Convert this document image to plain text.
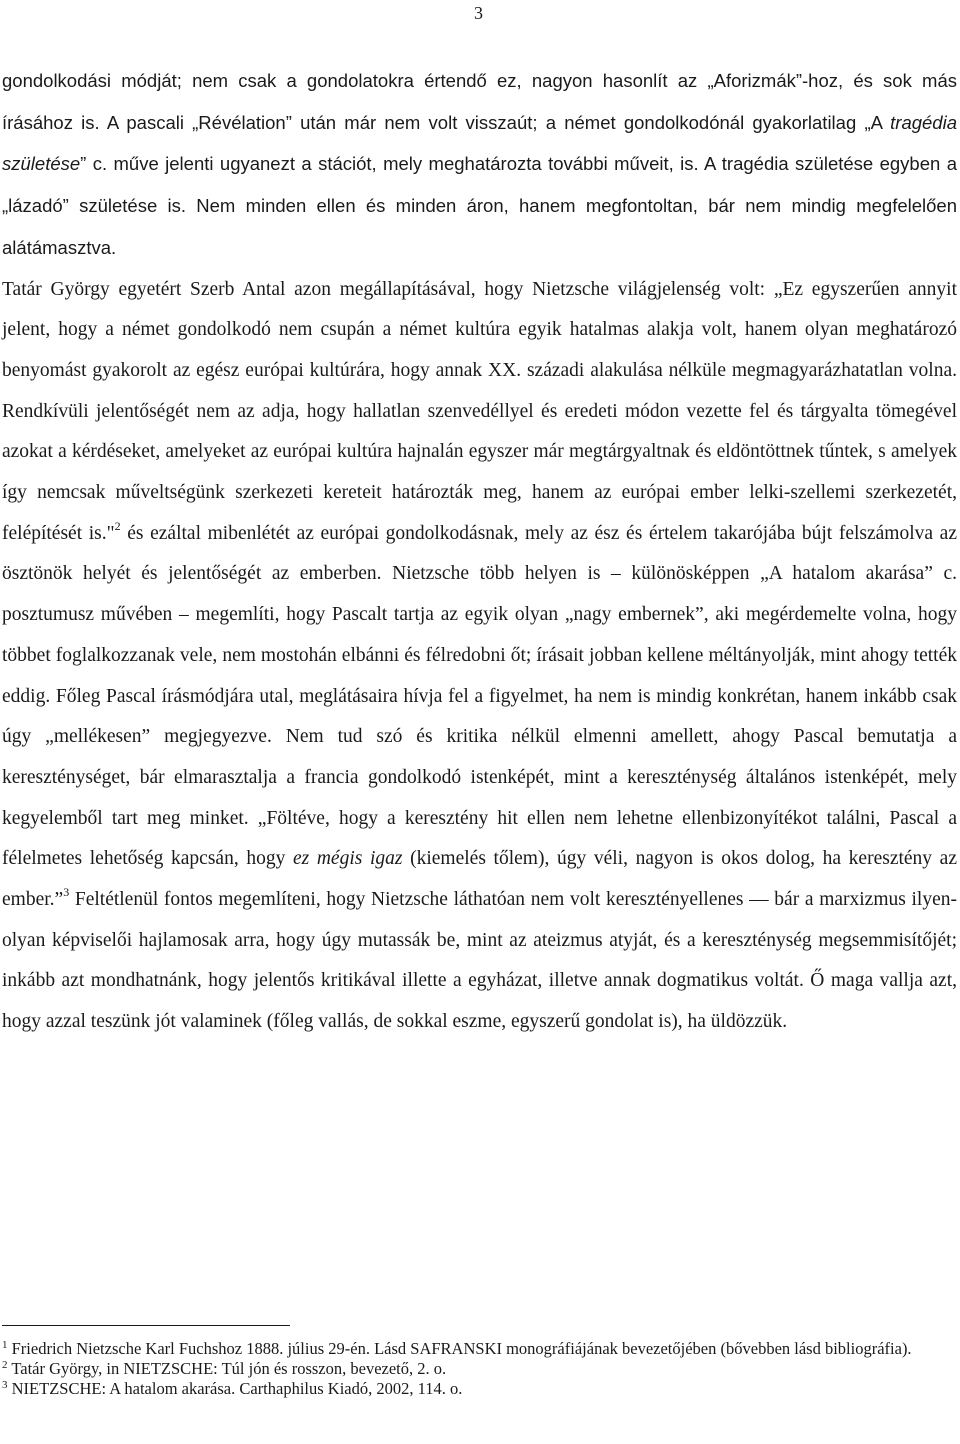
3

gondolkodási módját; nem csak a gondolatokra értendő ez, nagyon hasonlít az „Aforizmák”-hoz, és sok más írásához is. A pascali „Révélation” után már nem volt visszaút; a német gondolkodónál gyakorlatilag „A tragédia születése” c. műve jelenti ugyanezt a stációt, mely meghatározta további műveit, is. A tragédia születése egyben a „lázadó” születése is. Nem minden ellen és minden áron, hanem megfontoltan, bár nem mindig megfelelően alátámasztva.
Tatár György egyetért Szerb Antal azon megállapításával, hogy Nietzsche világjelenség volt: „Ez egyszerűen annyit jelent, hogy a német gondolkodó nem csupán a német kultúra egyik hatalmas alakja volt, hanem olyan meghatározó benyomást gyakorolt az egész európai kultúrára, hogy annak XX. századi alakulása nélküle megmagyarázhatatlan volna. Rendkívüli jelentőségét nem az adja, hogy hallatlan szenvedéllyel és eredeti módon vezette fel és tárgyalta tömegével azokat a kérdéseket, amelyeket az európai kultúra hajnalán egyszer már megtárgyaltnak és eldöntöttnek tűntek, s amelyek így nemcsak műveltségünk szerkezeti kereteit határozták meg, hanem az európai ember lelki-szellemi szerkezetét, felépítését is."$^2$ és ezáltal mibenlétét az európai gondolkodásnak, mely az ész és értelem takarójába bújt felszámolva az ösztönök helyét és jelentőségét az emberben. Nietzsche több helyen is – különösképpen „A hatalom akarása” c. posztumusz művében – megemlíti, hogy Pascalt tartja az egyik olyan „nagy embernek”, aki megérdemelte volna, hogy többet foglalkozzanak vele, nem mostohán elbánni és félredobni őt; írásait jobban kellene méltányolják, mint ahogy tették eddig. Főleg Pascal írásmódjára utal, meglátásaira hívja fel a figyelmet, ha nem is mindig konkrétan, hanem inkább csak úgy „mellékesen” megjegyezve. Nem tud szó és kritika nélkül elmenni amellett, ahogy Pascal bemutatja a kereszténységet, bár elmarasztalja a francia gondolkodó istenképét, mint a kereszténység általános istenképét, mely kegyelemből tart meg minket. „Föltéve, hogy a keresztény hit ellen nem lehetne ellenbizonyítékot találni, Pascal a félelmetes lehetőség kapcsán, hogy ez mégis igaz (kiemelés tőlem), úgy véli, nagyon is okos dolog, ha keresztény az ember.”$^3$ Feltétlenül fontos megemlíteni, hogy Nietzsche láthatóan nem volt keresztényellenes — bár a marxizmus ilyen-olyan képviselői hajlamosak arra, hogy úgy mutassák be, mint az ateizmus atyját, és a kereszténység megsemmisítőjét; inkább azt mondhatnánk, hogy jelentős kritikával illette a egyházat, illetve annak dogmatikus voltát. Ő maga vallja azt, hogy azzal teszünk jót valaminek (főleg vallás, de sokkal eszme, egyszerű gondolat is), ha üldözzük.

$^1$ Friedrich Nietzsche Karl Fuchshoz 1888. július 29-én. Lásd SAFRANSKI monográfiájának bevezetőjében (bővebben lásd bibliográfia).

$^2$ Tatár György, in NIETZSCHE: Túl jón és rosszon, bevezető, 2. o.

$^3$ NIETZSCHE: A hatalom akarása. Carthaphilus Kiadó, 2002, 114. o.
